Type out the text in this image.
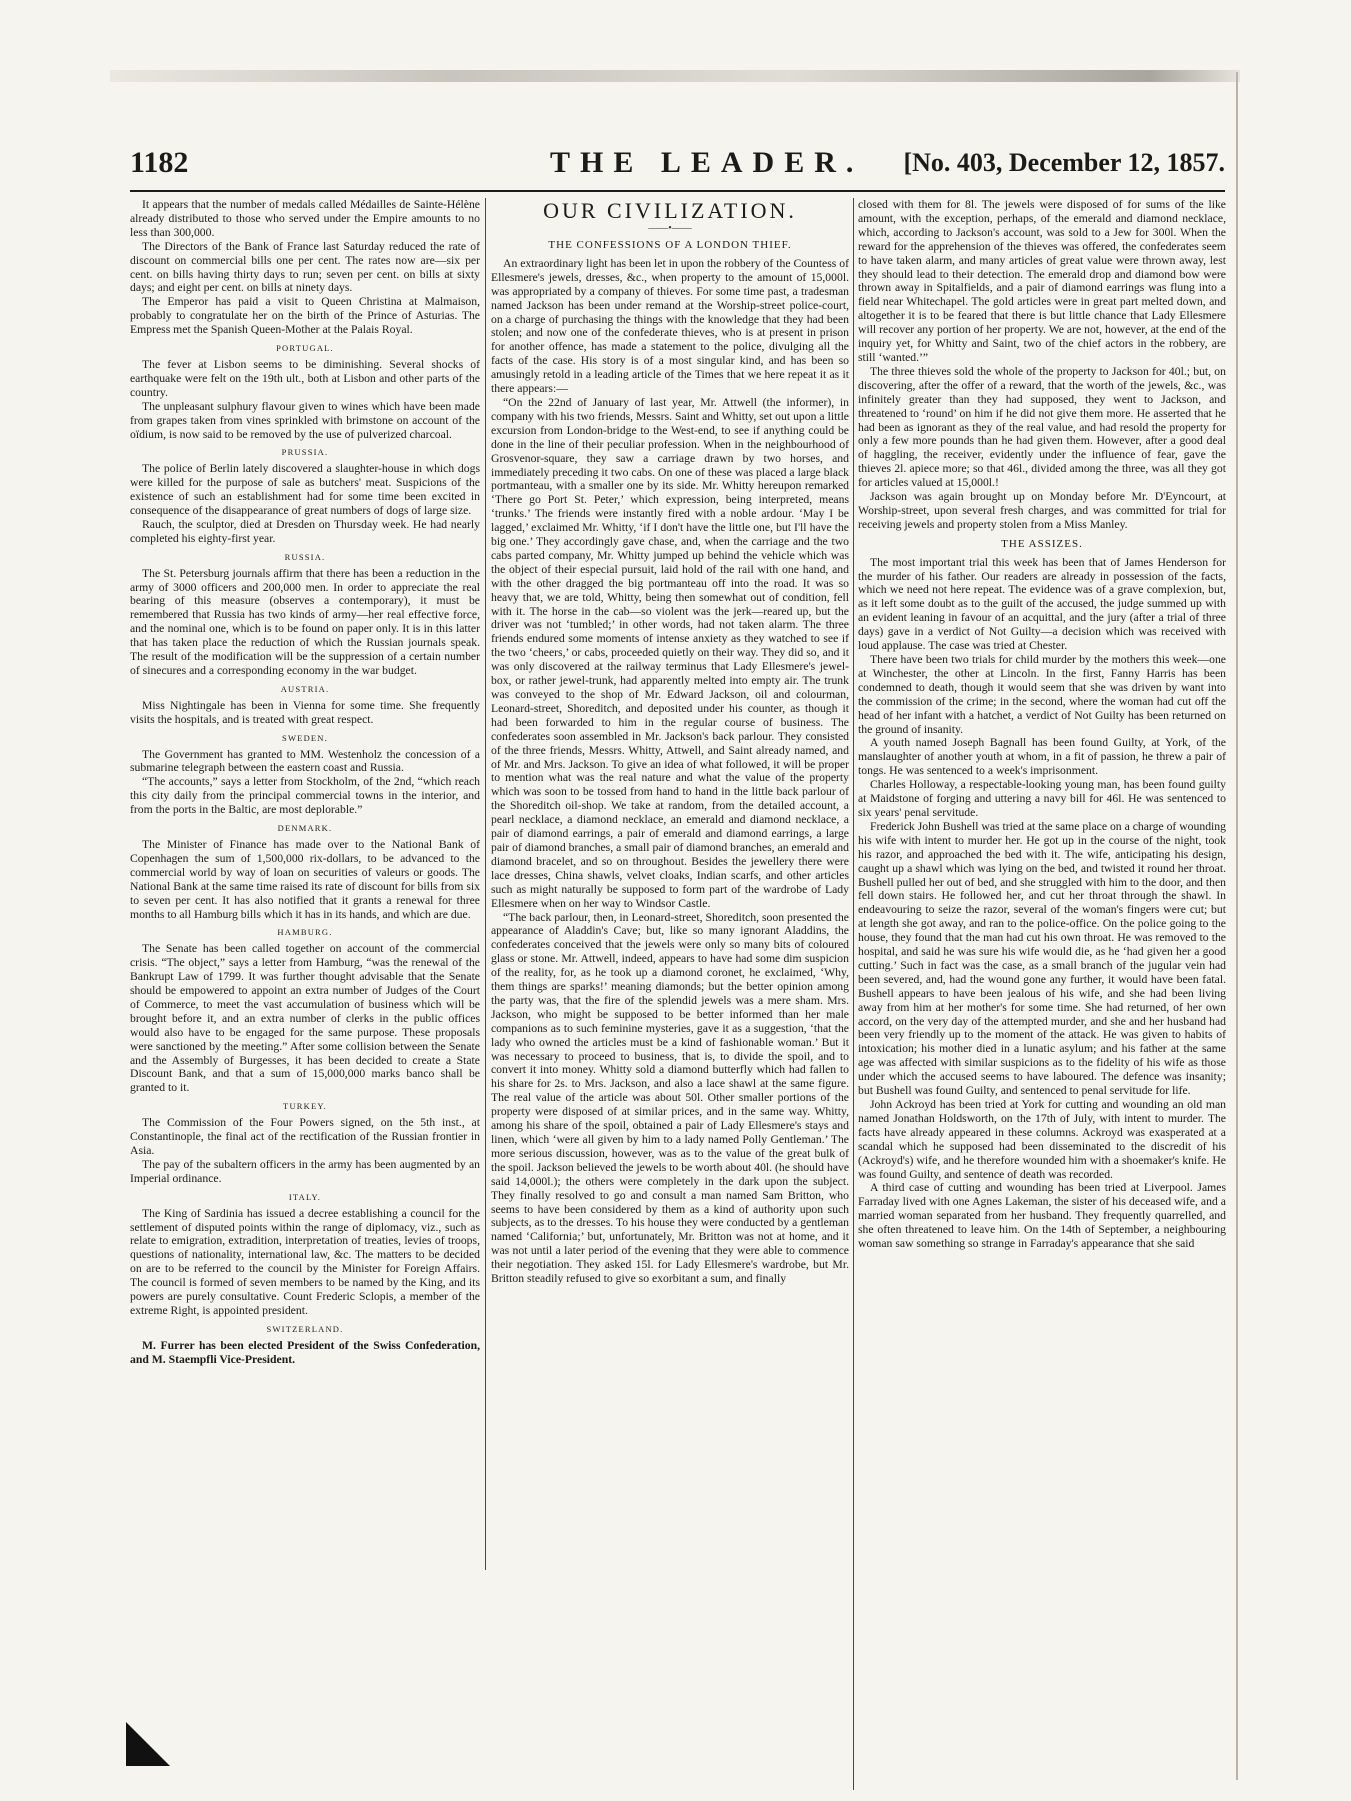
1182	THE LEADER. [No. 403, December 12, 1857.

It appears that the number of medals called Médailles de Sainte-Hélène already distributed to those who served under the Empire amounts to no less than 300,000.

The Directors of the Bank of France last Saturday reduced the rate of discount on commercial bills one per cent. The rates now are—six per cent. on bills having thirty days to run; seven per cent. on bills at sixty days; and eight per cent. on bills at ninety days.

The Emperor has paid a visit to Queen Christina at Malmaison, probably to congratulate her on the birth of the Prince of Asturias. The Empress met the Spanish Queen-Mother at the Palais Royal.

PORTUGAL.

The fever at Lisbon seems to be diminishing. Several shocks of earthquake were felt on the 19th ult., both at Lisbon and other parts of the country.

The unpleasant sulphury flavour given to wines which have been made from grapes taken from vines sprinkled with brimstone on account of the oïdium, is now said to be removed by the use of pulverized charcoal.

PRUSSIA.

The police of Berlin lately discovered a slaughter-house in which dogs were killed for the purpose of sale as butchers' meat. Suspicions of the existence of such an establishment had for some time been excited in consequence of the disappearance of great numbers of dogs of large size.

Rauch, the sculptor, died at Dresden on Thursday week. He had nearly completed his eighty-first year.

RUSSIA.

The St. Petersburg journals affirm that there has been a reduction in the army of 3000 officers and 200,000 men. In order to appreciate the real bearing of this measure (observes a contemporary), it must be remembered that Russia has two kinds of army—her real effective force, and the nominal one, which is to be found on paper only. It is in this latter that has taken place the reduction of which the Russian journals speak. The result of the modification will be the suppression of a certain number of sinecures and a corresponding economy in the war budget.

AUSTRIA.

Miss Nightingale has been in Vienna for some time. She frequently visits the hospitals, and is treated with great respect.

SWEDEN.

The Government has granted to MM. Westenholz the concession of a submarine telegraph between the eastern coast and Russia.

“The accounts,” says a letter from Stockholm, of the 2nd, “which reach this city daily from the principal commercial towns in the interior, and from the ports in the Baltic, are most deplorable.”

DENMARK.

The Minister of Finance has made over to the National Bank of Copenhagen the sum of 1,500,000 rix-dollars, to be advanced to the commercial world by way of loan on securities of valeurs or goods. The National Bank at the same time raised its rate of discount for bills from six to seven per cent. It has also notified that it grants a renewal for three months to all Hamburg bills which it has in its hands, and which are due.

HAMBURG.

The Senate has been called together on account of the commercial crisis. “The object,” says a letter from Hamburg, “was the renewal of the Bankrupt Law of 1799. It was further thought advisable that the Senate should be empowered to appoint an extra number of Judges of the Court of Commerce, to meet the vast accumulation of business which will be brought before it, and an extra number of clerks in the public offices would also have to be engaged for the same purpose. These proposals were sanctioned by the meeting.” After some collision between the Senate and the Assembly of Burgesses, it has been decided to create a State Discount Bank, and that a sum of 15,000,000 marks banco shall be granted to it.

TURKEY.

The Commission of the Four Powers signed, on the 5th inst., at Constantinople, the final act of the rectification of the Russian frontier in Asia.

The pay of the subaltern officers in the army has been augmented by an Imperial ordinance.

ITALY.

The King of Sardinia has issued a decree establishing a council for the settlement of disputed points within the range of diplomacy, viz., such as relate to emigration, extradition, interpretation of treaties, levies of troops, questions of nationality, international law, &c. The matters to be decided on are to be referred to the council by the Minister for Foreign Affairs. The council is formed of seven members to be named by the King, and its powers are purely consultative. Count Frederic Sclopis, a member of the extreme Right, is appointed president.

SWITZERLAND.

M. Furrer has been elected President of the Swiss Confederation, and M. Staempfli Vice-President.

OUR CIVILIZATION.
——•——
THE CONFESSIONS OF A LONDON THIEF.

An extraordinary light has been let in upon the robbery of the Countess of Ellesmere's jewels, dresses, &c., when property to the amount of 15,000l. was appropriated by a company of thieves. For some time past, a tradesman named Jackson has been under remand at the Worship-street police-court, on a charge of purchasing the things with the knowledge that they had been stolen; and now one of the confederate thieves, who is at present in prison for another offence, has made a statement to the police, divulging all the facts of the case. His story is of a most singular kind, and has been so amusingly retold in a leading article of the Times that we here repeat it as it there appears:—

“On the 22nd of January of last year, Mr. Attwell (the informer), in company with his two friends, Messrs. Saint and Whitty, set out upon a little excursion from London-bridge to the West-end, to see if anything could be done in the line of their peculiar profession. When in the neighbourhood of Grosvenor-square, they saw a carriage drawn by two horses, and immediately preceding it two cabs. On one of these was placed a large black portmanteau, with a smaller one by its side. Mr. Whitty hereupon remarked ‘There go Port St. Peter,’ which expression, being interpreted, means ‘trunks.’ The friends were instantly fired with a noble ardour. ‘May I be lagged,’ exclaimed Mr. Whitty, ‘if I don't have the little one, but I'll have the big one.’ They accordingly gave chase, and, when the carriage and the two cabs parted company, Mr. Whitty jumped up behind the vehicle which was the object of their especial pursuit, laid hold of the rail with one hand, and with the other dragged the big portmanteau off into the road. It was so heavy that, we are told, Whitty, being then somewhat out of condition, fell with it. The horse in the cab—so violent was the jerk—reared up, but the driver was not ‘tumbled;’ in other words, had not taken alarm. The three friends endured some moments of intense anxiety as they watched to see if the two ‘cheers,’ or cabs, proceeded quietly on their way. They did so, and it was only discovered at the railway terminus that Lady Ellesmere's jewel-box, or rather jewel-trunk, had apparently melted into empty air. The trunk was conveyed to the shop of Mr. Edward Jackson, oil and colourman, Leonard-street, Shoreditch, and deposited under his counter, as though it had been forwarded to him in the regular course of business. The confederates soon assembled in Mr. Jackson's back parlour. They consisted of the three friends, Messrs. Whitty, Attwell, and Saint already named, and of Mr. and Mrs. Jackson. To give an idea of what followed, it will be proper to mention what was the real nature and what the value of the property which was soon to be tossed from hand to hand in the little back parlour of the Shoreditch oil-shop. We take at random, from the detailed account, a pearl necklace, a diamond necklace, an emerald and diamond necklace, a pair of diamond earrings, a pair of emerald and diamond earrings, a large pair of diamond branches, a small pair of diamond branches, an emerald and diamond bracelet, and so on throughout. Besides the jewellery there were lace dresses, China shawls, velvet cloaks, Indian scarfs, and other articles such as might naturally be supposed to form part of the wardrobe of Lady Ellesmere when on her way to Windsor Castle.

“The back parlour, then, in Leonard-street, Shoreditch, soon presented the appearance of Aladdin's Cave; but, like so many ignorant Aladdins, the confederates conceived that the jewels were only so many bits of coloured glass or stone. Mr. Attwell, indeed, appears to have had some dim suspicion of the reality, for, as he took up a diamond coronet, he exclaimed, ‘Why, them things are sparks!’ meaning diamonds; but the better opinion among the party was, that the fire of the splendid jewels was a mere sham. Mrs. Jackson, who might be supposed to be better informed than her male companions as to such feminine mysteries, gave it as a suggestion, ‘that the lady who owned the articles must be a kind of fashionable woman.’ But it was necessary to proceed to business, that is, to divide the spoil, and to convert it into money. Whitty sold a diamond butterfly which had fallen to his share for 2s. to Mrs. Jackson, and also a lace shawl at the same figure. The real value of the article was about 50l. Other smaller portions of the property were disposed of at similar prices, and in the same way. Whitty, among his share of the spoil, obtained a pair of Lady Ellesmere's stays and linen, which ‘were all given by him to a lady named Polly Gentleman.’ The more serious discussion, however, was as to the value of the great bulk of the spoil. Jackson believed the jewels to be worth about 40l. (he should have said 14,000l.); the others were completely in the dark upon the subject. They finally resolved to go and consult a man named Sam Britton, who seems to have been considered by them as a kind of authority upon such subjects, as to the dresses. To his house they were conducted by a gentleman named ‘California;’ but, unfortunately, Mr. Britton was not at home, and it was not until a later period of the evening that they were able to commence their negotiation. They asked 15l. for Lady Ellesmere's wardrobe, but Mr. Britton steadily refused to give so exorbitant a sum, and finally

closed with them for 8l. The jewels were disposed of for sums of the like amount, with the exception, perhaps, of the emerald and diamond necklace, which, according to Jackson's account, was sold to a Jew for 300l. When the reward for the apprehension of the thieves was offered, the confederates seem to have taken alarm, and many articles of great value were thrown away, lest they should lead to their detection. The emerald drop and diamond bow were thrown away in Spitalfields, and a pair of diamond earrings was flung into a field near Whitechapel. The gold articles were in great part melted down, and altogether it is to be feared that there is but little chance that Lady Ellesmere will recover any portion of her property. We are not, however, at the end of the inquiry yet, for Whitty and Saint, two of the chief actors in the robbery, are still ‘wanted.’”

The three thieves sold the whole of the property to Jackson for 40l.; but, on discovering, after the offer of a reward, that the worth of the jewels, &c., was infinitely greater than they had supposed, they went to Jackson, and threatened to ‘round’ on him if he did not give them more. He asserted that he had been as ignorant as they of the real value, and had resold the property for only a few more pounds than he had given them. However, after a good deal of haggling, the receiver, evidently under the influence of fear, gave the thieves 2l. apiece more; so that 46l., divided among the three, was all they got for articles valued at 15,000l.!

Jackson was again brought up on Monday before Mr. D'Eyncourt, at Worship-street, upon several fresh charges, and was committed for trial for receiving jewels and property stolen from a Miss Manley.

THE ASSIZES.

The most important trial this week has been that of James Henderson for the murder of his father. Our readers are already in possession of the facts, which we need not here repeat. The evidence was of a grave complexion, but, as it left some doubt as to the guilt of the accused, the judge summed up with an evident leaning in favour of an acquittal, and the jury (after a trial of three days) gave in a verdict of Not Guilty—a decision which was received with loud applause. The case was tried at Chester.

There have been two trials for child murder by the mothers this week—one at Winchester, the other at Lincoln. In the first, Fanny Harris has been condemned to death, though it would seem that she was driven by want into the commission of the crime; in the second, where the woman had cut off the head of her infant with a hatchet, a verdict of Not Guilty has been returned on the ground of insanity.

A youth named Joseph Bagnall has been found Guilty, at York, of the manslaughter of another youth at whom, in a fit of passion, he threw a pair of tongs. He was sentenced to a week's imprisonment.

Charles Holloway, a respectable-looking young man, has been found guilty at Maidstone of forging and uttering a navy bill for 46l. He was sentenced to six years' penal servitude.

Frederick John Bushell was tried at the same place on a charge of wounding his wife with intent to murder her. He got up in the course of the night, took his razor, and approached the bed with it. The wife, anticipating his design, caught up a shawl which was lying on the bed, and twisted it round her throat. Bushell pulled her out of bed, and she struggled with him to the door, and then fell down stairs. He followed her, and cut her throat through the shawl. In endeavouring to seize the razor, several of the woman's fingers were cut; but at length she got away, and ran to the police-office. On the police going to the house, they found that the man had cut his own throat. He was removed to the hospital, and said he was sure his wife would die, as he ‘had given her a good cutting.’ Such in fact was the case, as a small branch of the jugular vein had been severed, and, had the wound gone any further, it would have been fatal. Bushell appears to have been jealous of his wife, and she had been living away from him at her mother's for some time. She had returned, of her own accord, on the very day of the attempted murder, and she and her husband had been very friendly up to the moment of the attack. He was given to habits of intoxication; his mother died in a lunatic asylum; and his father at the same age was affected with similar suspicions as to the fidelity of his wife as those under which the accused seems to have laboured. The defence was insanity; but Bushell was found Guilty, and sentenced to penal servitude for life.

John Ackroyd has been tried at York for cutting and wounding an old man named Jonathan Holdsworth, on the 17th of July, with intent to murder. The facts have already appeared in these columns. Ackroyd was exasperated at a scandal which he supposed had been disseminated to the discredit of his (Ackroyd's) wife, and he therefore wounded him with a shoemaker's knife. He was found Guilty, and sentence of death was recorded.

A third case of cutting and wounding has been tried at Liverpool. James Farraday lived with one Agnes Lakeman, the sister of his deceased wife, and a married woman separated from her husband. They frequently quarrelled, and she often threatened to leave him. On the 14th of September, a neighbouring woman saw something so strange in Farraday's appearance that she said
